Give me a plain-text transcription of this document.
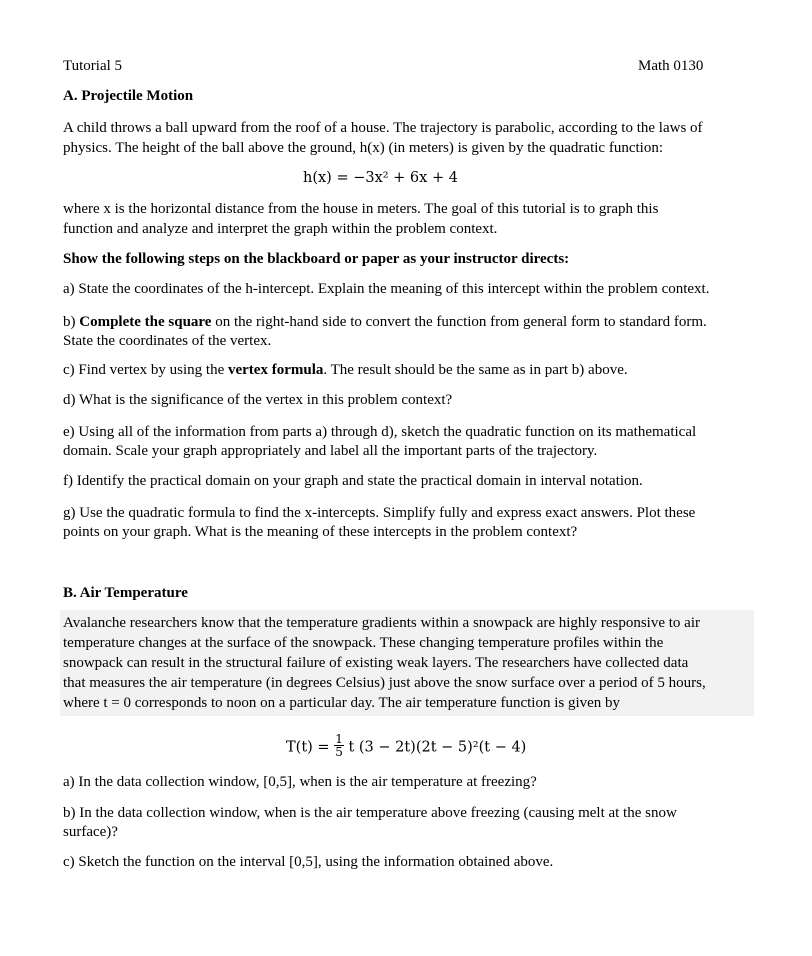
Tutorial 5	Math 0130
A. Projectile Motion
A child throws a ball upward from the roof of a house. The trajectory is parabolic, according to the laws of
physics. The height of the ball above the ground, h(x) (in meters) is given by the quadratic function:
h(x) = −3x² + 6x + 4
where x is the horizontal distance from the house in meters. The goal of this tutorial is to graph this
function and analyze and interpret the graph within the problem context.
Show the following steps on the blackboard or paper as your instructor directs:
a) State the coordinates of the h-intercept. Explain the meaning of this intercept within the problem context.
b) Complete the square on the right-hand side to convert the function from general form to standard form.
State the coordinates of the vertex.
c) Find vertex by using the vertex formula. The result should be the same as in part b) above.
d) What is the significance of the vertex in this problem context?
e) Using all of the information from parts a) through d), sketch the quadratic function on its mathematical
domain. Scale your graph appropriately and label all the important parts of the trajectory.
f) Identify the practical domain on your graph and state the practical domain in interval notation.
g) Use the quadratic formula to find the x-intercepts. Simplify fully and express exact answers. Plot these
points on your graph. What is the meaning of these intercepts in the problem context?
B. Air Temperature
Avalanche researchers know that the temperature gradients within a snowpack are highly responsive to air
temperature changes at the surface of the snowpack. These changing temperature profiles within the
snowpack can result in the structural failure of existing weak layers. The researchers have collected data
that measures the air temperature (in degrees Celsius) just above the snow surface over a period of 5 hours,
where t = 0 corresponds to noon on a particular day. The air temperature function is given by
$T(t) = \frac{1}{5}$ t (3 − 2t)(2t − 5)²(t − 4)
a) In the data collection window, [0,5], when is the air temperature at freezing?
b) In the data collection window, when is the air temperature above freezing (causing melt at the snow
surface)?
c) Sketch the function on the interval [0,5], using the information obtained above.
